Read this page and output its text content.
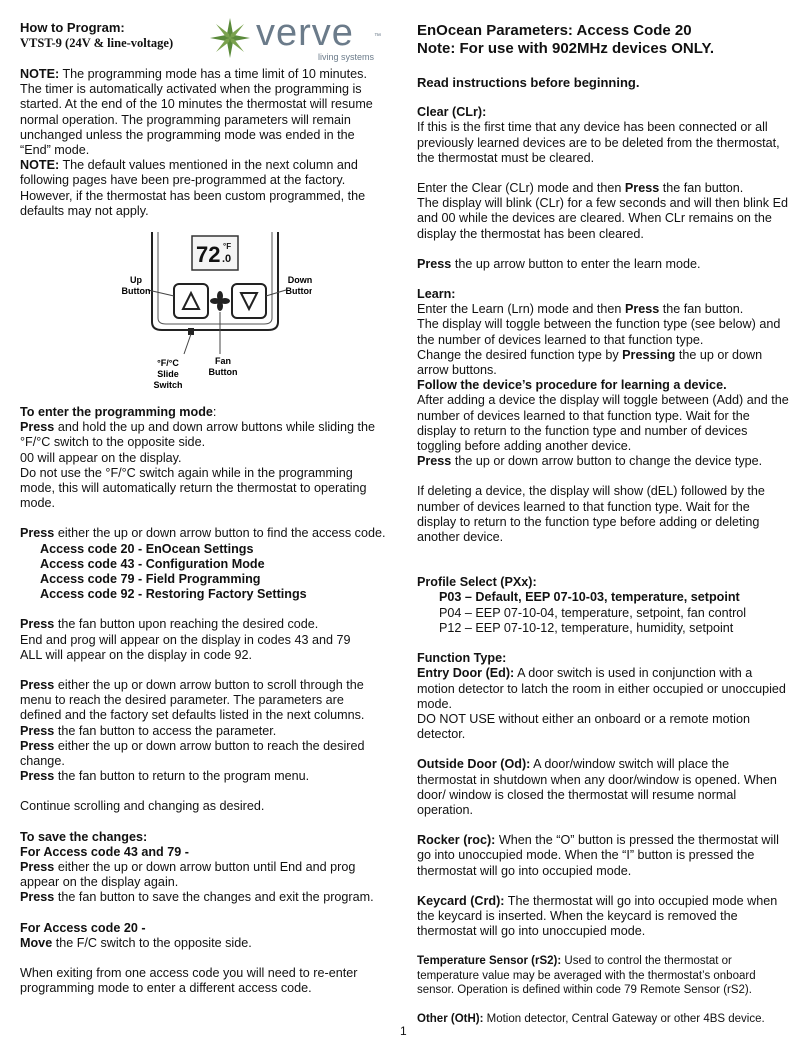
How to Program:

VTST-9 (24V & line-voltage)	verve	™
living systems

NOTE: The programming mode has a time limit of 10 minutes. The timer is automatically activated when the programming is started. At the end of the 10 minutes the thermostat will resume normal operation. The programming parameters will remain unchanged unless the programming mode was ended in the “End” mode.

NOTE: The default values mentioned in the next column and following pages have been pre-programmed at the factory. However, if the thermostat has been custom programmed, the defaults may not apply.

72 °F
.0
Up
Button
Down
Button
°F/°C
Slide
Switch
Fan
Button

To enter the programming mode:

Press and hold the up and down arrow buttons while sliding the °F/°C switch to the opposite side.

00 will appear on the display.

Do not use the °F/°C switch again while in the programming mode, this will automatically return the thermostat to operating mode.

Press either the up or down arrow button to find the access code.

Access code 20 - EnOcean Settings

Access code 43 - Configuration Mode

Access code 79 - Field Programming

Access code 92 - Restoring Factory Settings

Press the fan button upon reaching the desired code.

End and prog will appear on the display in codes 43 and 79

ALL will appear on the display in code 92.

Press either the up or down arrow button to scroll through the menu to reach the desired parameter. The parameters are defined and the factory set defaults listed in the next columns.

Press the fan button to access the parameter.

Press either the up or down arrow button to reach the desired change.

Press the fan button to return to the program menu.

Continue scrolling and changing as desired.

To save the changes:

For Access code 43 and 79 -

Press either the up or down arrow button until End and prog appear on the display again.

Press the fan button to save the changes and exit the program.

For Access code 20 -

Move the F/C switch to the opposite side.

When exiting from one access code you will need to re-enter programming mode to enter a different access code.

EnOcean Parameters: Access Code 20

Note: For use with 902MHz devices ONLY.

Read instructions before beginning.

Clear (CLr):

If this is the first time that any device has been connected or all previously learned devices are to be deleted from the thermostat, the thermostat must be cleared.

Enter the Clear (CLr) mode and then Press the fan button.

The display will blink (CLr) for a few seconds and will then blink Ed and 00 while the devices are cleared. When CLr remains on the display the thermostat has been cleared.

Press the up arrow button to enter the learn mode.

Learn:

Enter the Learn (Lrn) mode and then Press the fan button.

The display will toggle between the function type (see below) and the number of devices learned to that function type.

Change the desired function type by Pressing the up or down arrow buttons.

Follow the device’s procedure for learning a device.

After adding a device the display will toggle between (Add) and the number of devices learned to that function type. Wait for the display to return to the function type and number of devices toggling before adding another device.

Press the up or down arrow button to change the device type.

If deleting a device, the display will show (dEL) followed by the number of devices learned to that function type. Wait for the display to return to the function type before adding or deleting another device.

Profile Select (PXx):

P03 – Default, EEP 07-10-03, temperature, setpoint

P04 – EEP 07-10-04, temperature, setpoint, fan control

P12 – EEP 07-10-12, temperature, humidity, setpoint

Function Type:

Entry Door (Ed): A door switch is used in conjunction with a motion detector to latch the room in either occupied or unoccupied mode.

DO NOT USE without either an onboard or a remote motion detector.

Outside Door (Od): A door/window switch will place the thermostat in shutdown when any door/window is opened. When door/ window is closed the thermostat will resume normal operation.

Rocker (roc): When the “O” button is pressed the thermostat will go into unoccupied mode. When the “I” button is pressed the thermostat will go into occupied mode.

Keycard (Crd): The thermostat will go into occupied mode when the keycard is inserted. When the keycard is removed the thermostat will go into unoccupied mode.

Temperature Sensor (rS2): Used to control the thermostat or temperature value may be averaged with the thermostat’s onboard sensor. Operation is defined within code 79 Remote Sensor (rS2).

Other (OtH): Motion detector, Central Gateway or other 4BS device.

1
